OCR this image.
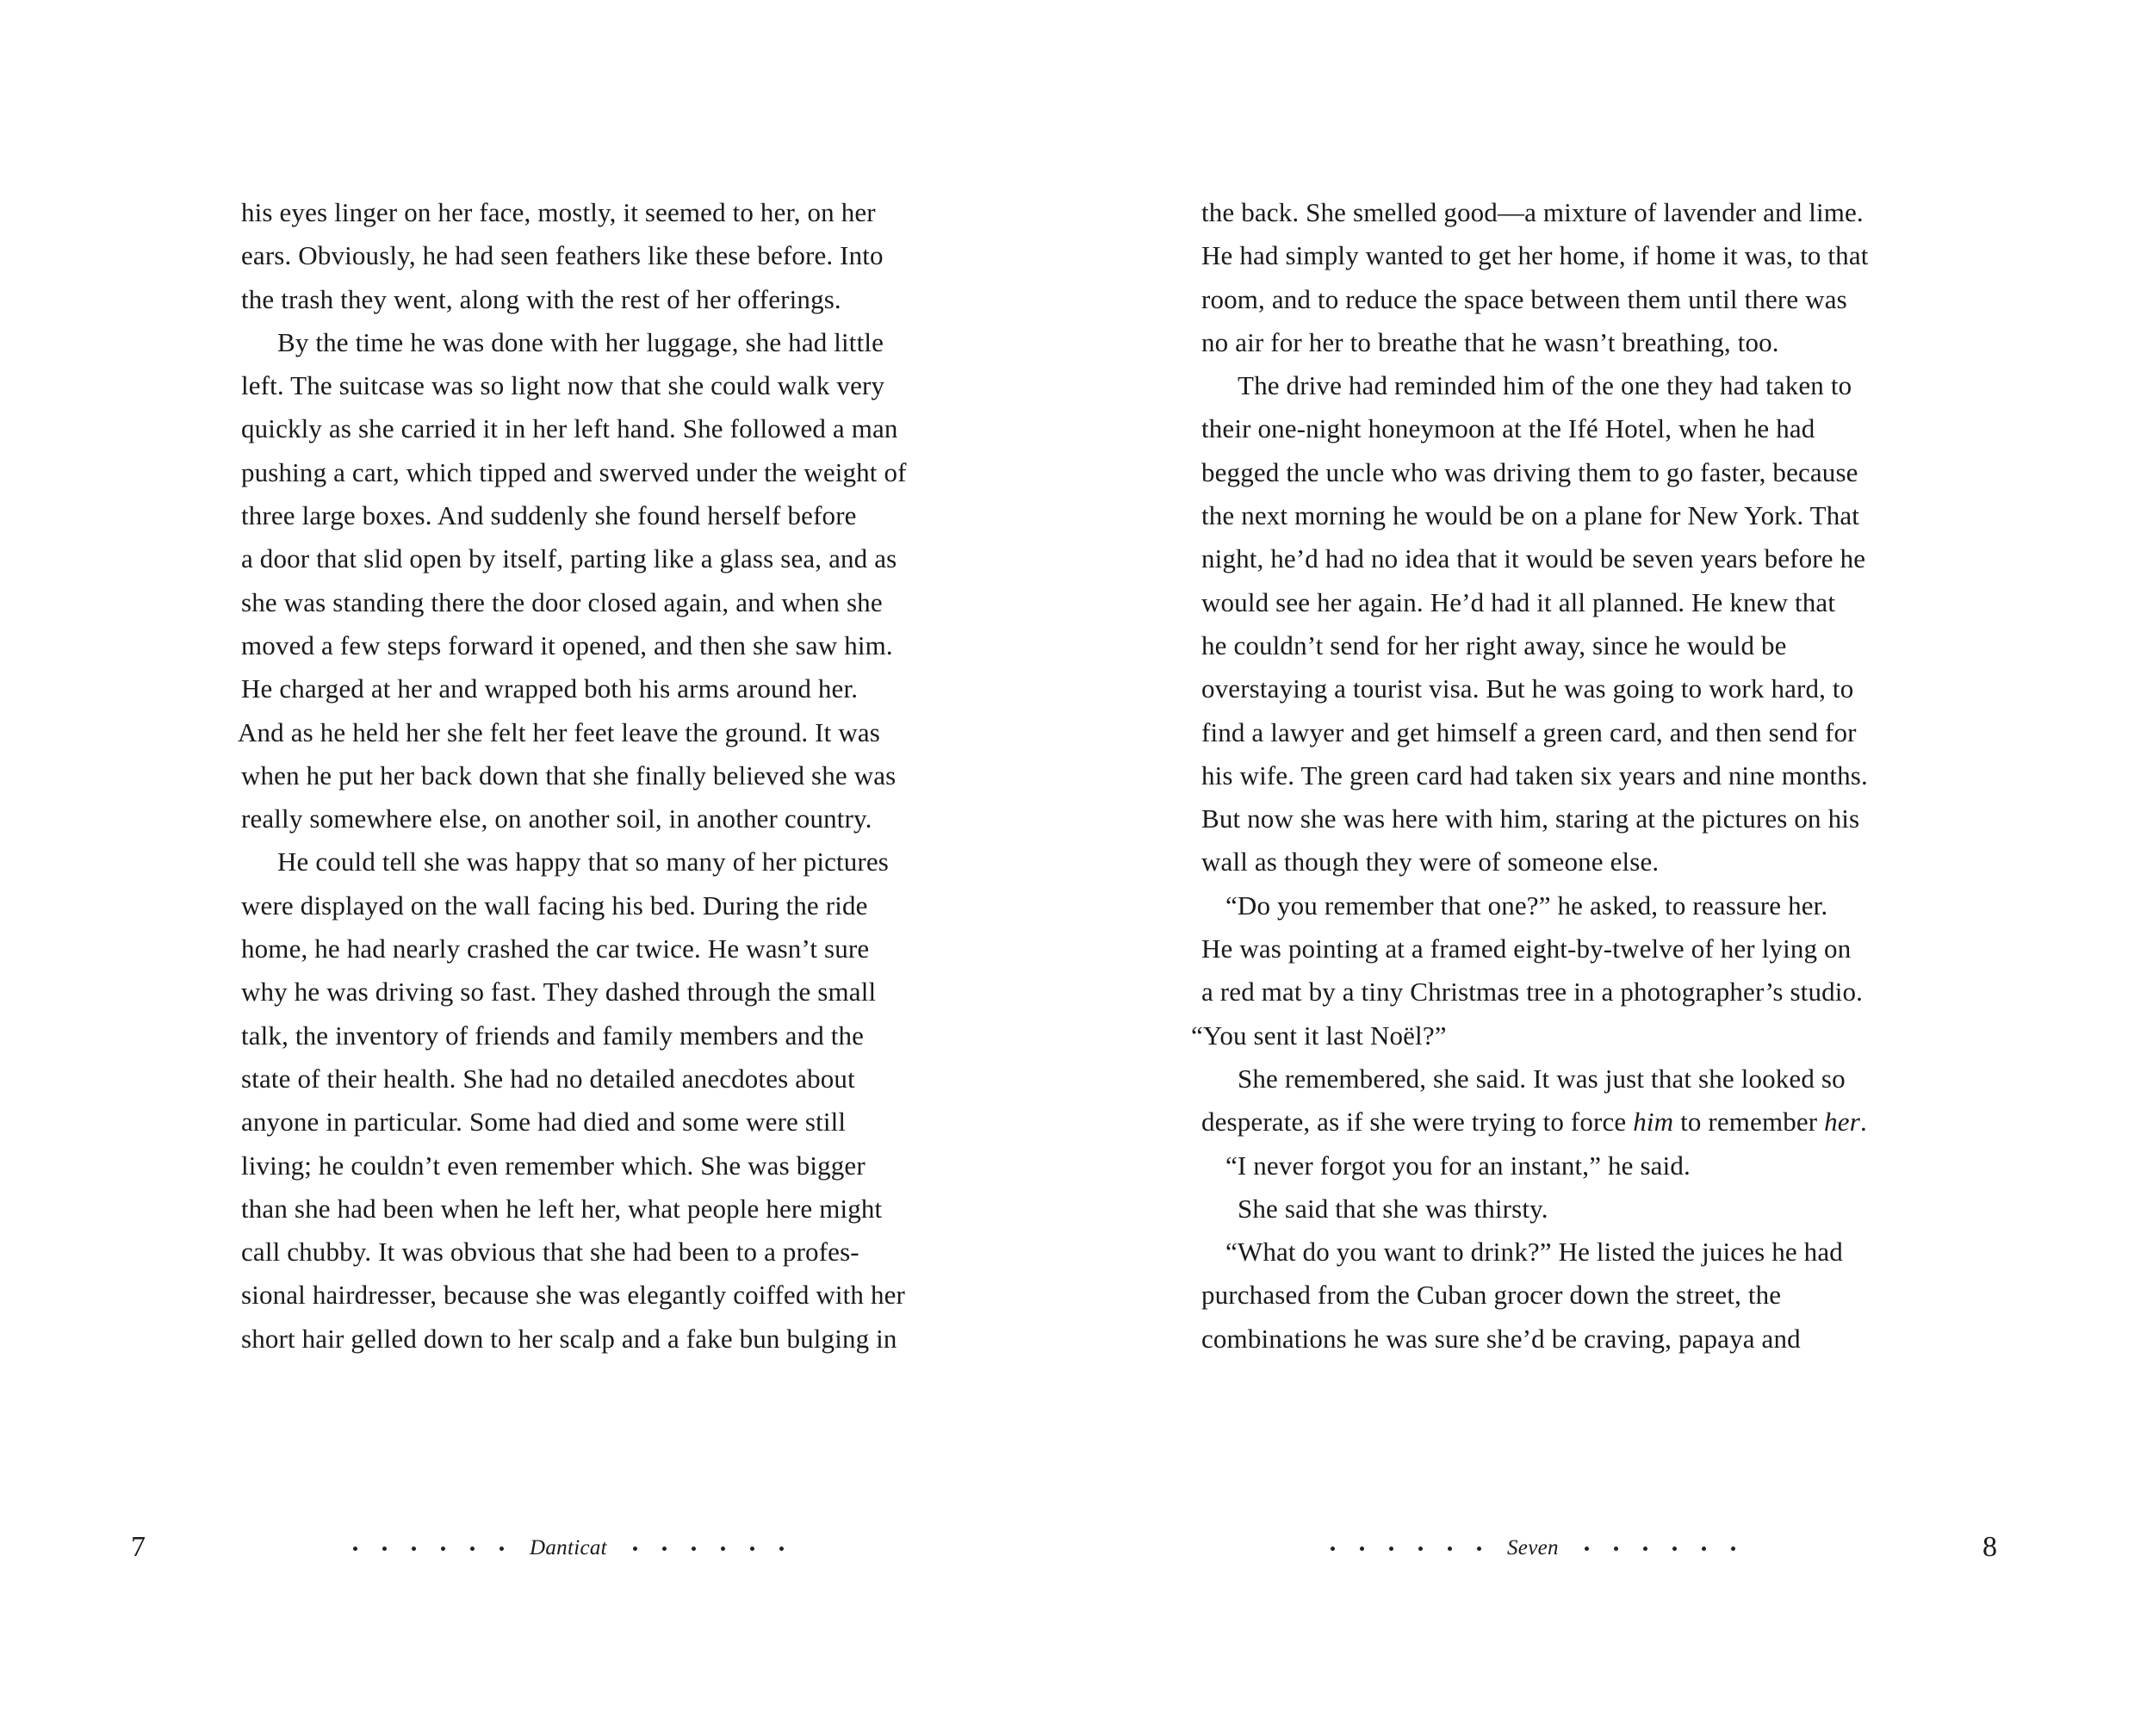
his eyes linger on her face, mostly, it seemed to her, on her
ears. Obviously, he had seen feathers like these before. Into
the trash they went, along with the rest of her offerings.
By the time he was done with her luggage, she had little
left. The suitcase was so light now that she could walk very
quickly as she carried it in her left hand. She followed a man
pushing a cart, which tipped and swerved under the weight of
three large boxes. And suddenly she found herself before
a door that slid open by itself, parting like a glass sea, and as
she was standing there the door closed again, and when she
moved a few steps forward it opened, and then she saw him.
He charged at her and wrapped both his arms around her.
And as he held her she felt her feet leave the ground. It was
when he put her back down that she finally believed she was
really somewhere else, on another soil, in another country.
He could tell she was happy that so many of her pictures
were displayed on the wall facing his bed. During the ride
home, he had nearly crashed the car twice. He wasn’t sure
why he was driving so fast. They dashed through the small
talk, the inventory of friends and family members and the
state of their health. She had no detailed anecdotes about
anyone in particular. Some had died and some were still
living; he couldn’t even remember which. She was bigger
than she had been when he left her, what people here might
call chubby. It was obvious that she had been to a profes-
sional hairdresser, because she was elegantly coiffed with her
short hair gelled down to her scalp and a fake bun bulging in
7	Danticat
the back. She smelled good—a mixture of lavender and lime.
He had simply wanted to get her home, if home it was, to that
room, and to reduce the space between them until there was
no air for her to breathe that he wasn’t breathing, too.
The drive had reminded him of the one they had taken to
their one-night honeymoon at the Ifé Hotel, when he had
begged the uncle who was driving them to go faster, because
the next morning he would be on a plane for New York. That
night, he’d had no idea that it would be seven years before he
would see her again. He’d had it all planned. He knew that
he couldn’t send for her right away, since he would be
overstaying a tourist visa. But he was going to work hard, to
find a lawyer and get himself a green card, and then send for
his wife. The green card had taken six years and nine months.
But now she was here with him, staring at the pictures on his
wall as though they were of someone else.
“Do you remember that one?” he asked, to reassure her.
He was pointing at a framed eight-by-twelve of her lying on
a red mat by a tiny Christmas tree in a photographer’s studio.
“You sent it last Noël?”
She remembered, she said. It was just that she looked so
desperate, as if she were trying to force him to remember her.
“I never forgot you for an instant,” he said.
She said that she was thirsty.
“What do you want to drink?” He listed the juices he had
purchased from the Cuban grocer down the street, the
combinations he was sure she’d be craving, papaya and
Seven	8
